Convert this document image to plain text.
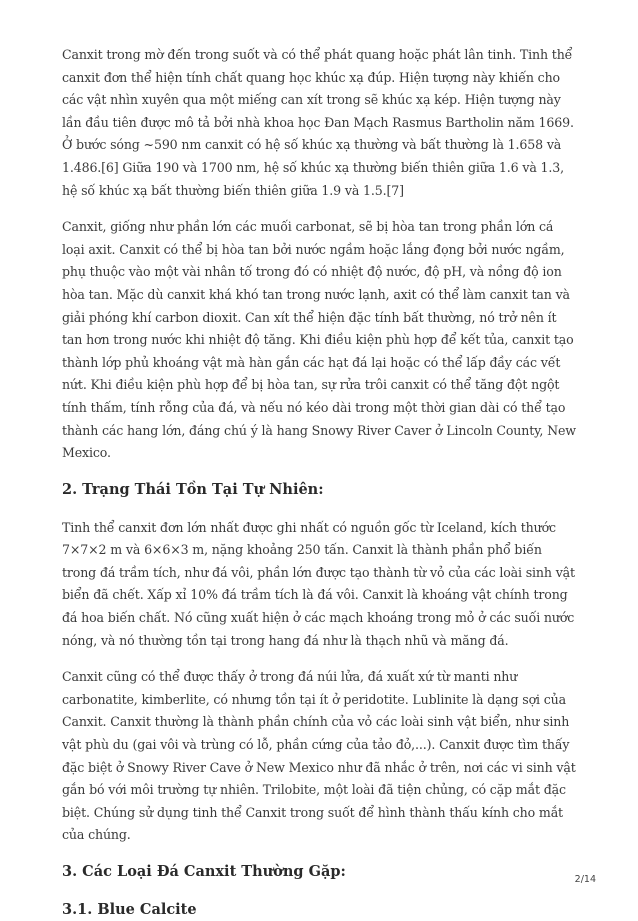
Canxit trong mờ đến trong suốt và có thể phát quang hoặc phát lân tinh. Tinh thể canxit đơn thể hiện tính chất quang học khúc xạ đúp. Hiện tượng này khiến cho các vật nhìn xuyên qua một miếng can xít trong sẽ khúc xạ kép. Hiện tượng này lần đầu tiên được mô tả bởi nhà khoa học Đan Mạch Rasmus Bartholin năm 1669. Ở bước sóng ~590 nm canxit có hệ số khúc xạ thường và bất thường là 1.658 và 1.486.[6] Giữa 190 và 1700 nm, hệ số khúc xạ thường biến thiên giữa 1.6 và 1.3, hệ số khúc xạ bất thường biến thiên giữa 1.9 và 1.5.[7]

Canxit, giống như phần lớn các muối carbonat, sẽ bị hòa tan trong phần lớn cá loại axit. Canxit có thể bị hòa tan bởi nước ngầm hoặc lắng đọng bởi nước ngầm, phụ thuộc vào một vài nhân tố trong đó có nhiệt độ nước, độ pH, và nồng độ ion hòa tan. Mặc dù canxit khá khó tan trong nước lạnh, axit có thể làm canxit tan và giải phóng khí carbon dioxit. Can xít thể hiện đặc tính bất thường, nó trở nên ít tan hơn trong nước khi nhiệt độ tăng. Khi điều kiện phù hợp để kết tủa, canxit tạo thành lớp phủ khoáng vật mà hàn gắn các hạt đá lại hoặc có thể lấp đầy các vết nứt. Khi điều kiện phù hợp để bị hòa tan, sự rửa trôi canxit có thể tăng đột ngột tính thấm, tính rỗng của đá, và nếu nó kéo dài trong một thời gian dài có thể tạo thành các hang lớn, đáng chú ý là hang Snowy River Caver ở Lincoln County, New Mexico.

2. Trạng Thái Tồn Tại Tự Nhiên:

Tinh thể canxit đơn lớn nhất được ghi nhất có nguồn gốc từ Iceland, kích thước 7×7×2 m và 6×6×3 m, nặng khoảng 250 tấn. Canxit là thành phần phổ biến trong đá trầm tích, như đá vôi, phần lớn được tạo thành từ vỏ của các loài sinh vật biển đã chết. Xấp xỉ 10% đá trầm tích là đá vôi. Canxit là khoáng vật chính trong đá hoa biến chất. Nó cũng xuất hiện ở các mạch khoáng trong mỏ ở các suối nước nóng, và nó thường tồn tại trong hang đá như là thạch nhũ và măng đá.

Canxit cũng có thể được thấy ở trong đá núi lửa, đá xuất xứ từ manti như carbonatite, kimberlite, có nhưng tồn tại ít ở peridotite. Lublinite là dạng sợi của Canxit. Canxit thường là thành phần chính của vỏ các loài sinh vật biển, như sinh vật phù du (gai vôi và trùng có lỗ, phần cứng của tảo đỏ,...). Canxit được tìm thấy đặc biệt ở Snowy River Cave ở New Mexico như đã nhắc ở trên, nơi các vi sinh vật gắn bó với môi trường tự nhiên. Trilobite, một loài đã tiện chủng, có cặp mắt đặc biệt. Chúng sử dụng tinh thể Canxit trong suốt để hình thành thấu kính cho mắt của chúng.

3. Các Loại Đá Canxit Thường Gặp:
3.1. Blue Calcite
2/14
